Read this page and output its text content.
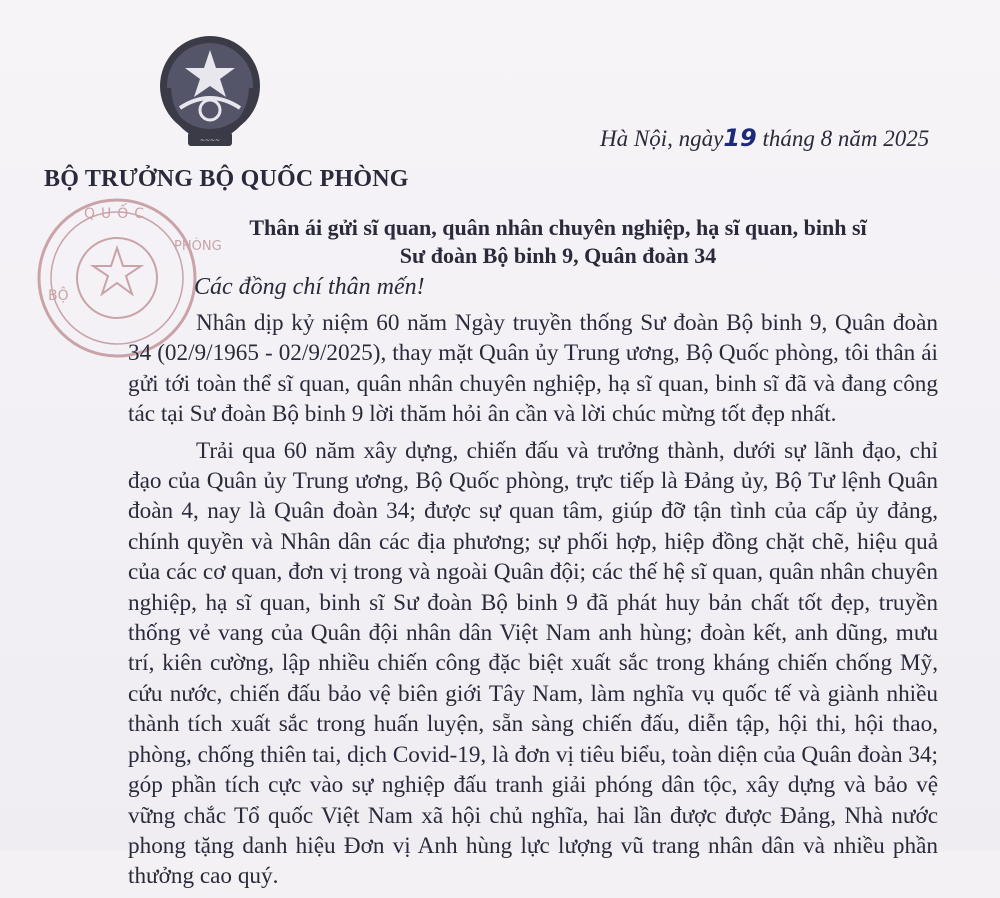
~~~~
QUỐC
BỘ
PHÒNG
Hà Nội, ngày19 tháng 8 năm 2025
BỘ TRƯỞNG BỘ QUỐC PHÒNG
Thân ái gửi sĩ quan, quân nhân chuyên nghiệp, hạ sĩ quan, binh sĩ
Sư đoàn Bộ binh 9, Quân đoàn 34
Các đồng chí thân mến!

Nhân dịp kỷ niệm 60 năm Ngày truyền thống Sư đoàn Bộ binh 9, Quân đoàn 34 (02/9/1965 - 02/9/2025), thay mặt Quân ủy Trung ương, Bộ Quốc phòng, tôi thân ái gửi tới toàn thể sĩ quan, quân nhân chuyên nghiệp, hạ sĩ quan, binh sĩ đã và đang công tác tại Sư đoàn Bộ binh 9 lời thăm hỏi ân cần và lời chúc mừng tốt đẹp nhất.

Trải qua 60 năm xây dựng, chiến đấu và trưởng thành, dưới sự lãnh đạo, chỉ đạo của Quân ủy Trung ương, Bộ Quốc phòng, trực tiếp là Đảng ủy, Bộ Tư lệnh Quân đoàn 4, nay là Quân đoàn 34; được sự quan tâm, giúp đỡ tận tình của cấp ủy đảng, chính quyền và Nhân dân các địa phương; sự phối hợp, hiệp đồng chặt chẽ, hiệu quả của các cơ quan, đơn vị trong và ngoài Quân đội; các thế hệ sĩ quan, quân nhân chuyên nghiệp, hạ sĩ quan, binh sĩ Sư đoàn Bộ binh 9 đã phát huy bản chất tốt đẹp, truyền thống vẻ vang của Quân đội nhân dân Việt Nam anh hùng; đoàn kết, anh dũng, mưu trí, kiên cường, lập nhiều chiến công đặc biệt xuất sắc trong kháng chiến chống Mỹ, cứu nước, chiến đấu bảo vệ biên giới Tây Nam, làm nghĩa vụ quốc tế và giành nhiều thành tích xuất sắc trong huấn luyện, sẵn sàng chiến đấu, diễn tập, hội thi, hội thao, phòng, chống thiên tai, dịch Covid-19, là đơn vị tiêu biểu, toàn diện của Quân đoàn 34; góp phần tích cực vào sự nghiệp đấu tranh giải phóng dân tộc, xây dựng và bảo vệ vững chắc Tổ quốc Việt Nam xã hội chủ nghĩa, hai lần được được Đảng, Nhà nước phong tặng danh hiệu Đơn vị Anh hùng lực lượng vũ trang nhân dân và nhiều phần thưởng cao quý.
